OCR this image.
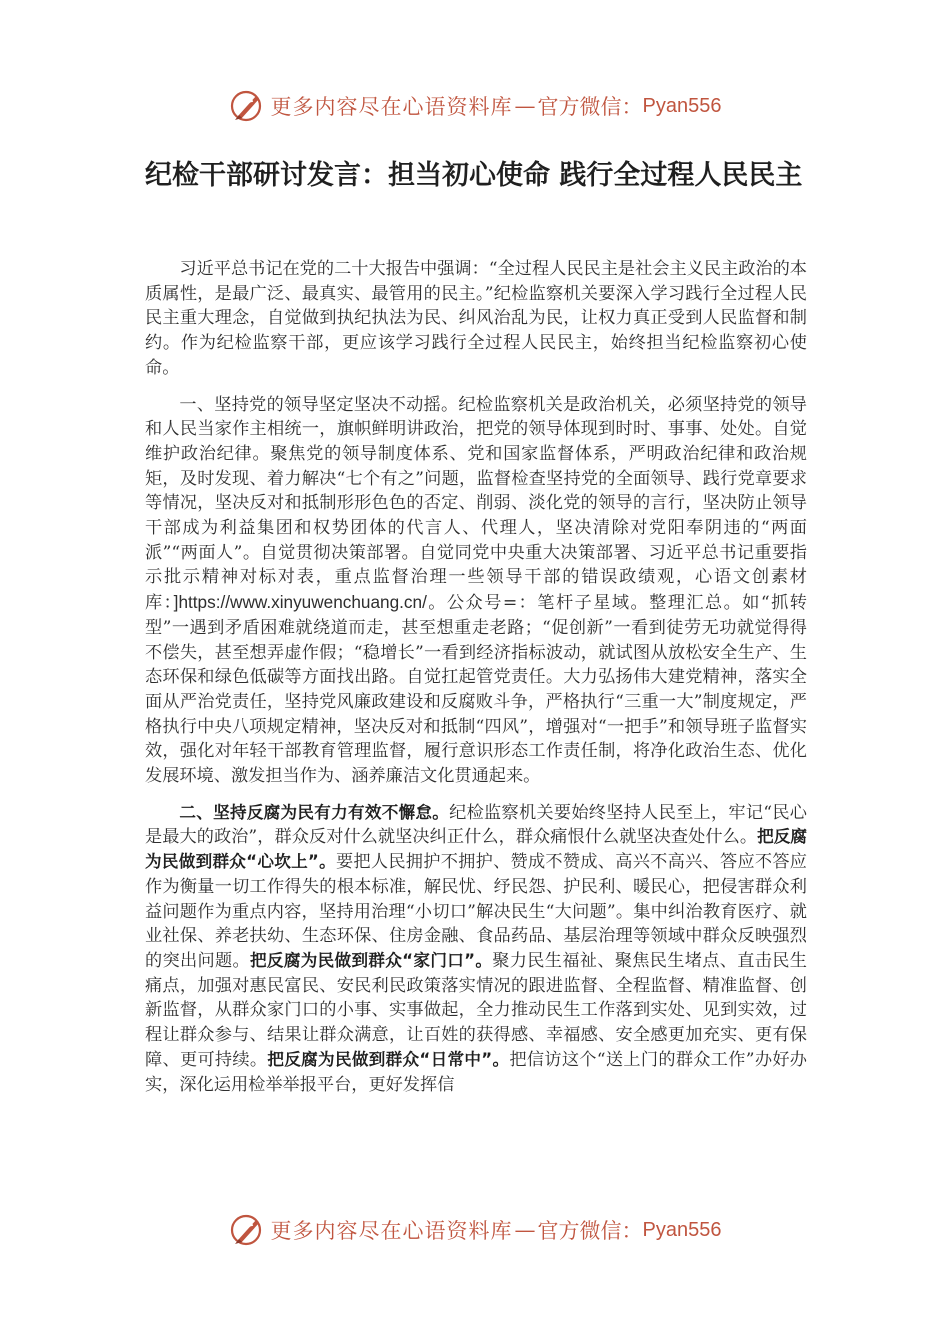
更多内容尽在心语资料库 — 官方微信： Pyan556
纪检干部研讨发言：担当初心使命 践行全过程人民民主

习近平总书记在党的二十大报告中强调：“全过程人民民主是社会主义民主政治的本质属性，是最广泛、最真实、最管用的民主。”纪检监察机关要深入学习践行全过程人民民主重大理念，自觉做到执纪执法为民、纠风治乱为民，让权力真正受到人民监督和制约。作为纪检监察干部，更应该学习践行全过程人民民主，始终担当纪检监察初心使命。

一、坚持党的领导坚定坚决不动摇。纪检监察机关是政治机关，必须坚持党的领导和人民当家作主相统一，旗帜鲜明讲政治，把党的领导体现到时时、事事、处处。自觉维护政治纪律。聚焦党的领导制度体系、党和国家监督体系，严明政治纪律和政治规矩，及时发现、着力解决“七个有之”问题，监督检查坚持党的全面领导、践行党章要求等情况，坚决反对和抵制形形色色的否定、削弱、淡化党的领导的言行，坚决防止领导干部成为利益集团和权势团体的代言人、代理人，坚决清除对党阳奉阴违的“两面派”“两面人”。自觉贯彻决策部署。自觉同党中央重大决策部署、习近平总书记重要指示批示精神对标对表，重点监督治理一些领导干部的错误政绩观，心语文创素材库：]https://www.xinyuwenchuang.cn/。公众号=：笔杆子星域。整理汇总。如“抓转型”一遇到矛盾困难就绕道而走，甚至想重走老路；“促创新”一看到徒劳无功就觉得得不偿失，甚至想弄虚作假；“稳增长”一看到经济指标波动，就试图从放松安全生产、生态环保和绿色低碳等方面找出路。自觉扛起管党责任。大力弘扬伟大建党精神，落实全面从严治党责任，坚持党风廉政建设和反腐败斗争，严格执行“三重一大”制度规定，严格执行中央八项规定精神，坚决反对和抵制“四风”，增强对“一把手”和领导班子监督实效，强化对年轻干部教育管理监督，履行意识形态工作责任制，将净化政治生态、优化发展环境、激发担当作为、涵养廉洁文化贯通起来。

二、坚持反腐为民有力有效不懈怠。纪检监察机关要始终坚持人民至上，牢记“民心是最大的政治”，群众反对什么就坚决纠正什么，群众痛恨什么就坚决查处什么。把反腐为民做到群众“心坎上”。要把人民拥护不拥护、赞成不赞成、高兴不高兴、答应不答应作为衡量一切工作得失的根本标准，解民忧、纾民怨、护民利、暖民心，把侵害群众利益问题作为重点内容，坚持用治理“小切口”解决民生“大问题”。集中纠治教育医疗、就业社保、养老扶幼、生态环保、住房金融、食品药品、基层治理等领域中群众反映强烈的突出问题。把反腐为民做到群众“家门口”。聚力民生福祉、聚焦民生堵点、直击民生痛点，加强对惠民富民、安民利民政策落实情况的跟进监督、全程监督、精准监督、创新监督，从群众家门口的小事、实事做起，全力推动民生工作落到实处、见到实效，过程让群众参与、结果让群众满意，让百姓的获得感、幸福感、安全感更加充实、更有保障、更可持续。把反腐为民做到群众“日常中”。把信访这个“送上门的群众工作”办好办实，深化运用检举举报平台，更好发挥信

更多内容尽在心语资料库 — 官方微信： Pyan556
